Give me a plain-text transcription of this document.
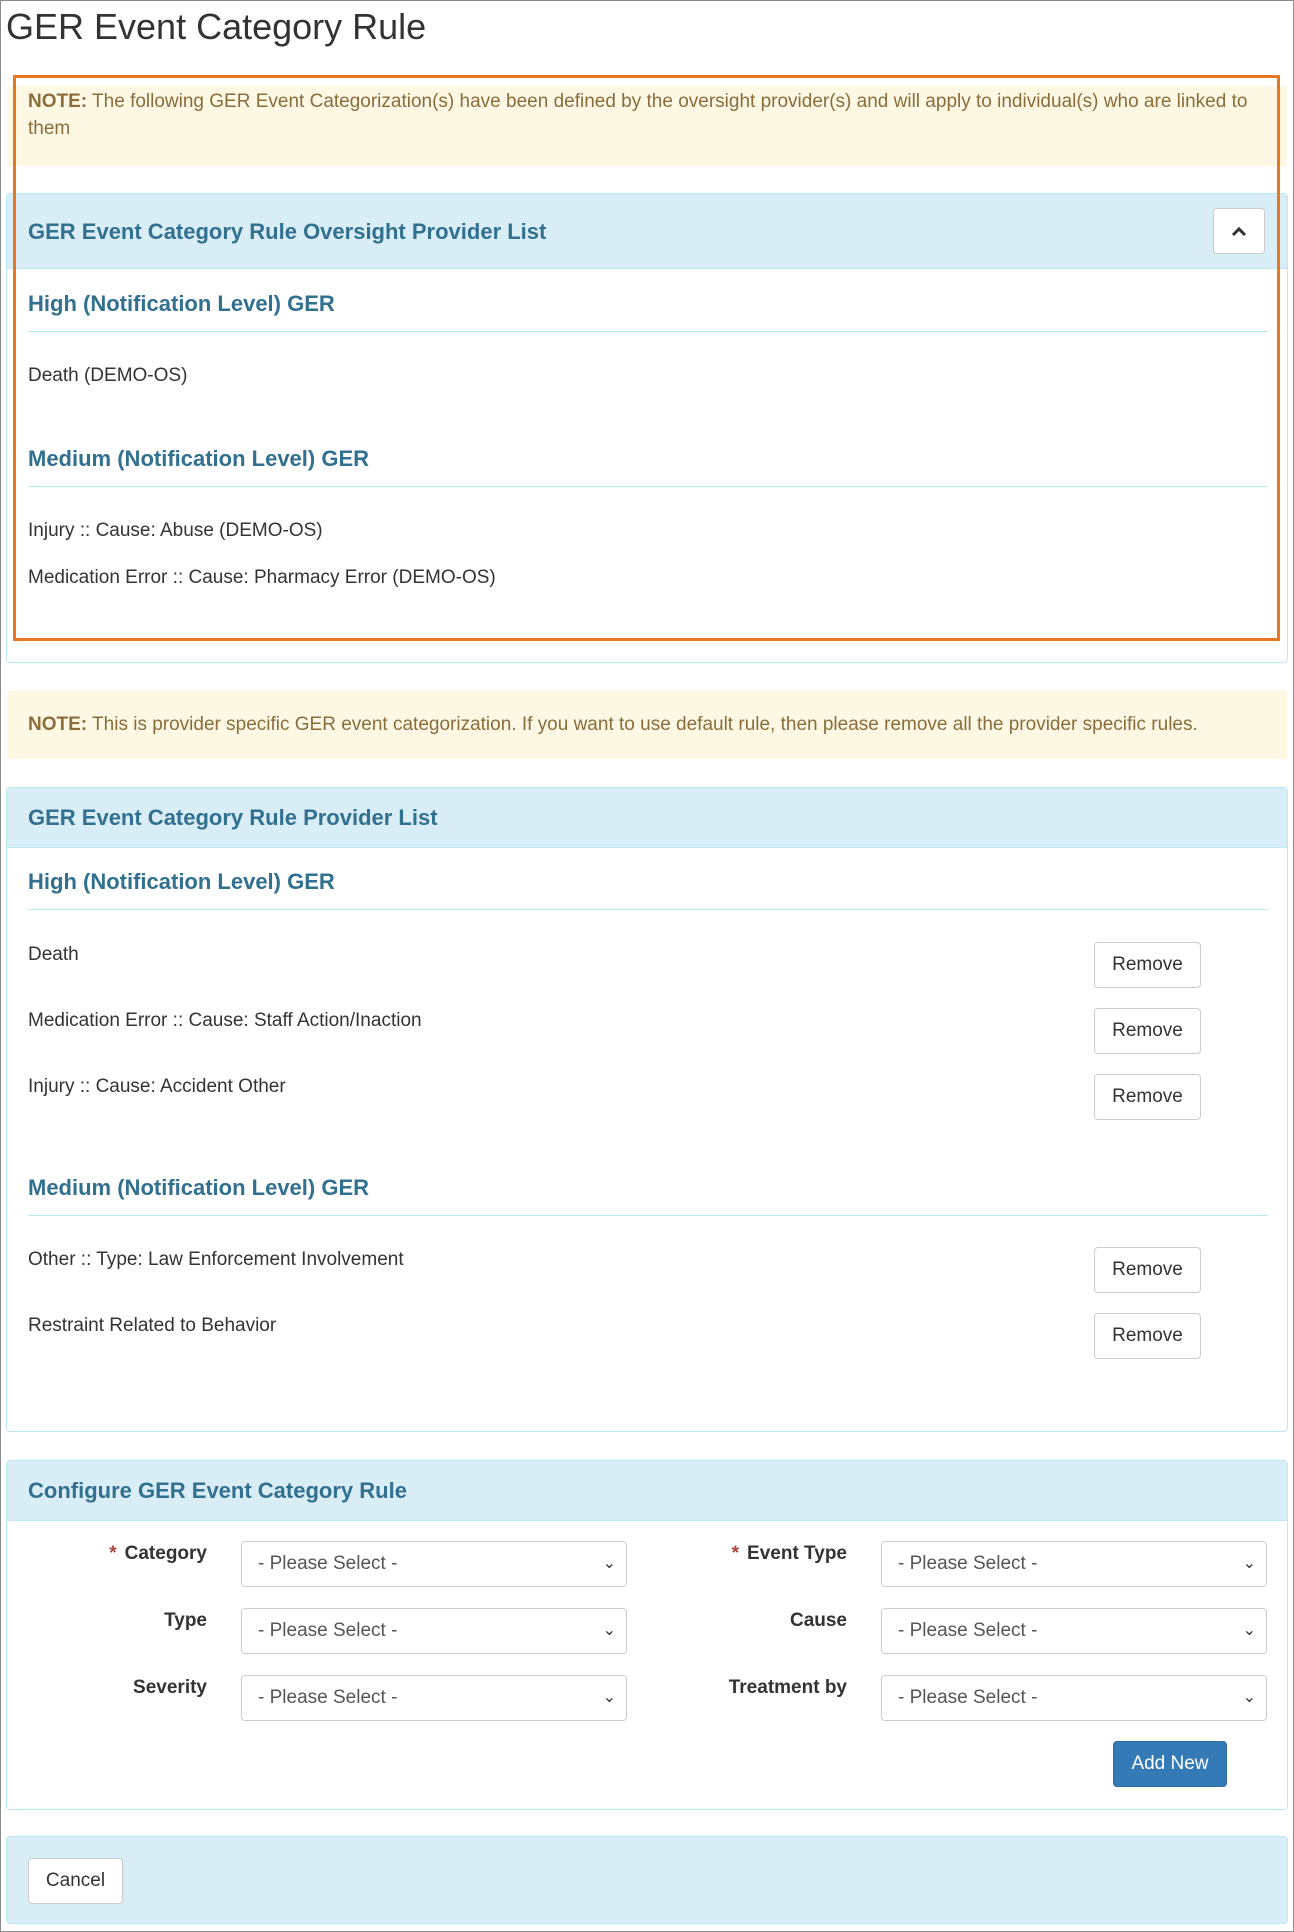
GER Event Category Rule
NOTE: The following GER Event Categorization(s) have been defined by the oversight provider(s) and will apply to individual(s) who are linked to them
GER Event Category Rule Oversight Provider List
High (Notification Level) GER
Death (DEMO-OS)
Medium (Notification Level) GER
Injury :: Cause: Abuse (DEMO-OS)
Medication Error :: Cause: Pharmacy Error (DEMO-OS)
NOTE: This is provider specific GER event categorization. If you want to use default rule, then please remove all the provider specific rules.
GER Event Category Rule Provider List
High (Notification Level) GER
Death	Remove
Medication Error :: Cause: Staff Action/Inaction	Remove
Injury :: Cause: Accident Other	Remove
Medium (Notification Level) GER
Other :: Type: Law Enforcement Involvement	Remove
Restraint Related to Behavior	Remove
Configure GER Event Category Rule
* Category	- Please Select -	⌄	* Event Type	- Please Select -	⌄
Type	- Please Select -	⌄	Cause	- Please Select -	⌄
Severity	- Please Select -	⌄	Treatment by	- Please Select -	⌄
Add New
Cancel
